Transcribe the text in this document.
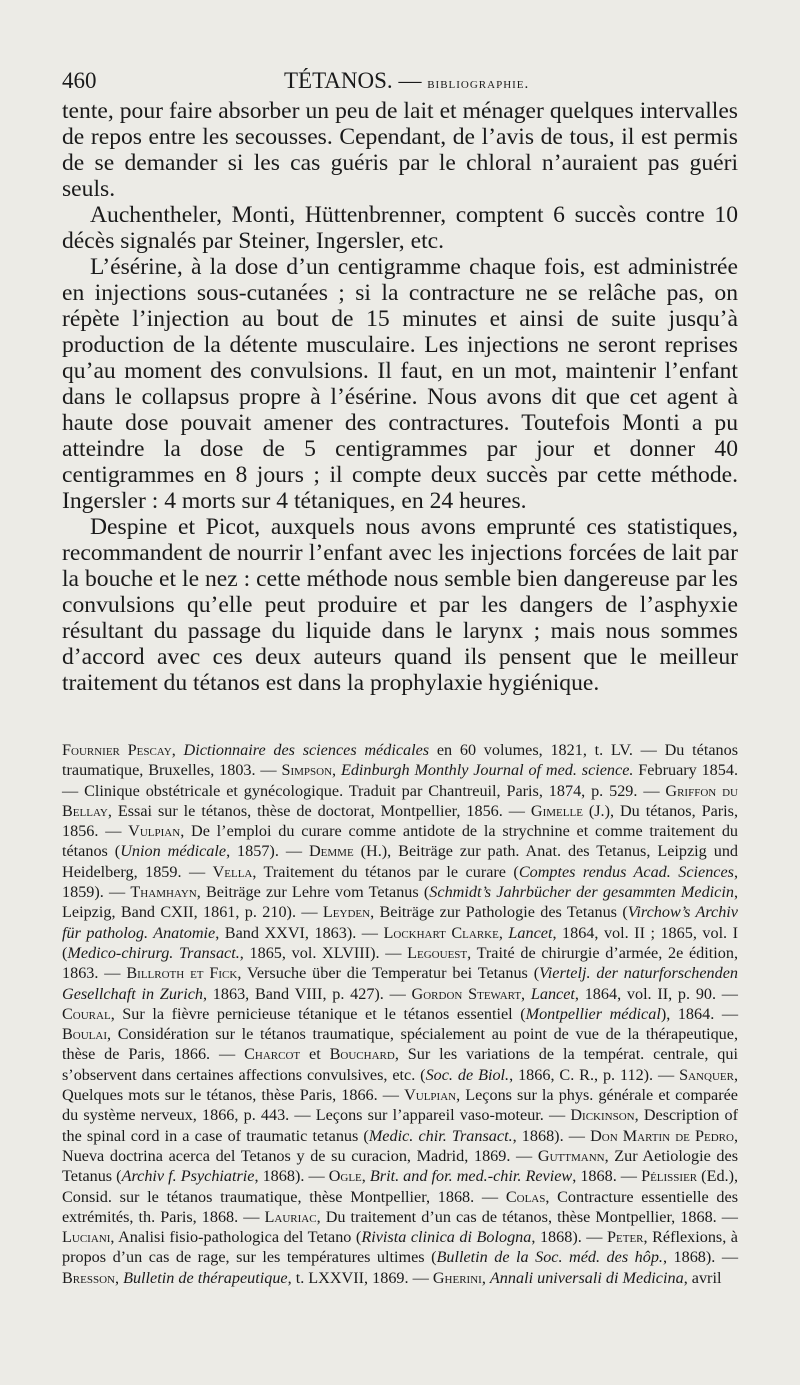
460	TÉTANOS. — bibliographie.

tente, pour faire absorber un peu de lait et ménager quelques intervalles de repos entre les secousses. Cependant, de l’avis de tous, il est permis de se demander si les cas guéris par le chloral n’auraient pas guéri seuls.

Auchentheler, Monti, Hüttenbrenner, comptent 6 succès contre 10 décès signalés par Steiner, Ingersler, etc.

L’ésérine, à la dose d’un centigramme chaque fois, est administrée en injections sous-cutanées ; si la contracture ne se relâche pas, on répète l’injection au bout de 15 minutes et ainsi de suite jusqu’à production de la détente musculaire. Les injections ne seront reprises qu’au moment des convulsions. Il faut, en un mot, maintenir l’enfant dans le collapsus propre à l’ésérine. Nous avons dit que cet agent à haute dose pouvait amener des contractures. Toutefois Monti a pu atteindre la dose de 5 centigrammes par jour et donner 40 centigrammes en 8 jours ; il compte deux succès par cette méthode. Ingersler : 4 morts sur 4 tétaniques, en 24 heures.

Despine et Picot, auxquels nous avons emprunté ces statistiques, recommandent de nourrir l’enfant avec les injections forcées de lait par la bouche et le nez : cette méthode nous semble bien dangereuse par les convulsions qu’elle peut produire et par les dangers de l’asphyxie résultant du passage du liquide dans le larynx ; mais nous sommes d’accord avec ces deux auteurs quand ils pensent que le meilleur traitement du tétanos est dans la prophylaxie hygiénique.

Fournier Pescay, Dictionnaire des sciences médicales en 60 volumes, 1821, t. LV. — Du tétanos traumatique, Bruxelles, 1803. — Simpson, Edinburgh Monthly Journal of med. science. February 1854. — Clinique obstétricale et gynécologique. Traduit par Chantreuil, Paris, 1874, p. 529. — Griffon du Bellay, Essai sur le tétanos, thèse de doctorat, Montpellier, 1856. — Gimelle (J.), Du tétanos, Paris, 1856. — Vulpian, De l’emploi du curare comme antidote de la strychnine et comme traitement du tétanos (Union médicale, 1857). — Demme (H.), Beiträge zur path. Anat. des Tetanus, Leipzig und Heidelberg, 1859. — Vella, Traitement du tétanos par le curare (Comptes rendus Acad. Sciences, 1859). — Thamhayn, Beiträge zur Lehre vom Tetanus (Schmidt’s Jahrbücher der gesammten Medicin, Leipzig, Band CXII, 1861, p. 210). — Leyden, Beiträge zur Pathologie des Tetanus (Virchow’s Archiv für patholog. Anatomie, Band XXVI, 1863). — Lockhart Clarke, Lancet, 1864, vol. II ; 1865, vol. I (Medico-chirurg. Transact., 1865, vol. XLVIII). — Legouest, Traité de chirurgie d’armée, 2e édition, 1863. — Billroth et Fick, Versuche über die Temperatur bei Tetanus (Viertelj. der naturforschenden Gesellchaft in Zurich, 1863, Band VIII, p. 427). — Gordon Stewart, Lancet, 1864, vol. II, p. 90. — Coural, Sur la fièvre pernicieuse tétanique et le tétanos essentiel (Montpellier médical), 1864. — Boulai, Considération sur le tétanos traumatique, spécialement au point de vue de la thérapeutique, thèse de Paris, 1866. — Charcot et Bouchard, Sur les variations de la températ. centrale, qui s’observent dans certaines affections convulsives, etc. (Soc. de Biol., 1866, C. R., p. 112). — Sanquer, Quelques mots sur le tétanos, thèse Paris, 1866. — Vulpian, Leçons sur la phys. générale et comparée du système nerveux, 1866, p. 443. — Leçons sur l’appareil vaso-moteur. — Dickinson, Description of the spinal cord in a case of traumatic tetanus (Medic. chir. Transact., 1868). — Don Martin de Pedro, Nueva doctrina acerca del Tetanos y de su curacion, Madrid, 1869. — Guttmann, Zur Aetiologie des Tetanus (Archiv f. Psychiatrie, 1868). — Ogle, Brit. and for. med.-chir. Review, 1868. — Pélissier (Ed.), Consid. sur le tétanos traumatique, thèse Montpellier, 1868. — Colas, Contracture essentielle des extrémités, th. Paris, 1868. — Lauriac, Du traitement d’un cas de tétanos, thèse Montpellier, 1868. — Luciani, Analisi fisio-pathologica del Tetano (Rivista clinica di Bologna, 1868). — Peter, Réflexions, à propos d’un cas de rage, sur les températures ultimes (Bulletin de la Soc. méd. des hôp., 1868). — Bresson, Bulletin de thérapeutique, t. LXXVII, 1869. — Gherini, Annali universali di Medicina, avril
